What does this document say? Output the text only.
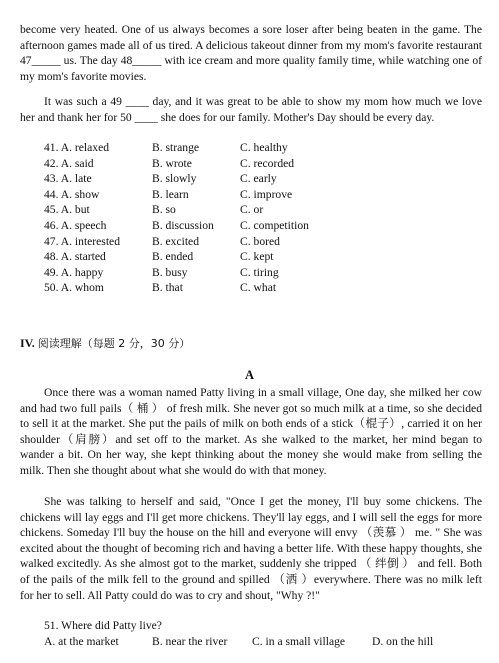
become very heated. One of us always becomes a sore loser after being beaten in the game. The afternoon games made all of us tired. A delicious takeout dinner from my mom's favorite restaurant 47_____ us. The day 48_____ with ice cream and more quality family time, while watching one of my mom's favorite movies.

It was such a 49 ____ day, and it was great to be able to show my mom how much we love her and thank her for 50 ____ she does for our family. Mother's Day should be every day.

41. A. relaxed	B. strange	C. healthy
42. A. said	B. wrote	C. recorded
43. A. late	B. slowly	C. early
44. A. show	B. learn	C. improve
45. A. but	B. so	C. or
46. A. speech	B. discussion C. competition
47. A. interested	B. excited	C. bored
48. A. started	B. ended	C. kept
49. A. happy	B. busy	C. tiring
50. A. whom	B. that	C. what
IV. 阅读理解（每题 2 分，30 分）
A

Once there was a woman named Patty living in a small village, One day, she milked her cow and had two full pails（ 桶 ） of fresh milk. She never got so much milk at a time, so she decided to sell it at the market. She put the pails of milk on both ends of a stick（棍子）, carried it on her shoulder（肩膀）and set off to the market. As she walked to the market, her mind began to wander a bit. On her way, she kept thinking about the money she would make from selling the milk. Then she thought about what she would do with that money.

She was talking to herself and said, "Once I get the money, I'll buy some chickens. The chickens will lay eggs and I'll get more chickens. They'll lay eggs, and I will sell the eggs for more chickens. Someday I'll buy the house on the hill and everyone will envy （羡慕 ） me. " She was excited about the thought of becoming rich and having a better life. With these happy thoughts, she walked excitedly. As she almost got to the market, suddenly she tripped （ 绊倒 ） and fell. Both of the pails of the milk fell to the ground and spilled （洒 ）everywhere. There was no milk left for her to sell. All Patty could do was to cry and shout, "Why ?!"

51. Where did Patty live?
A. at the market	B. near the river C. in a small village D. on the hill
